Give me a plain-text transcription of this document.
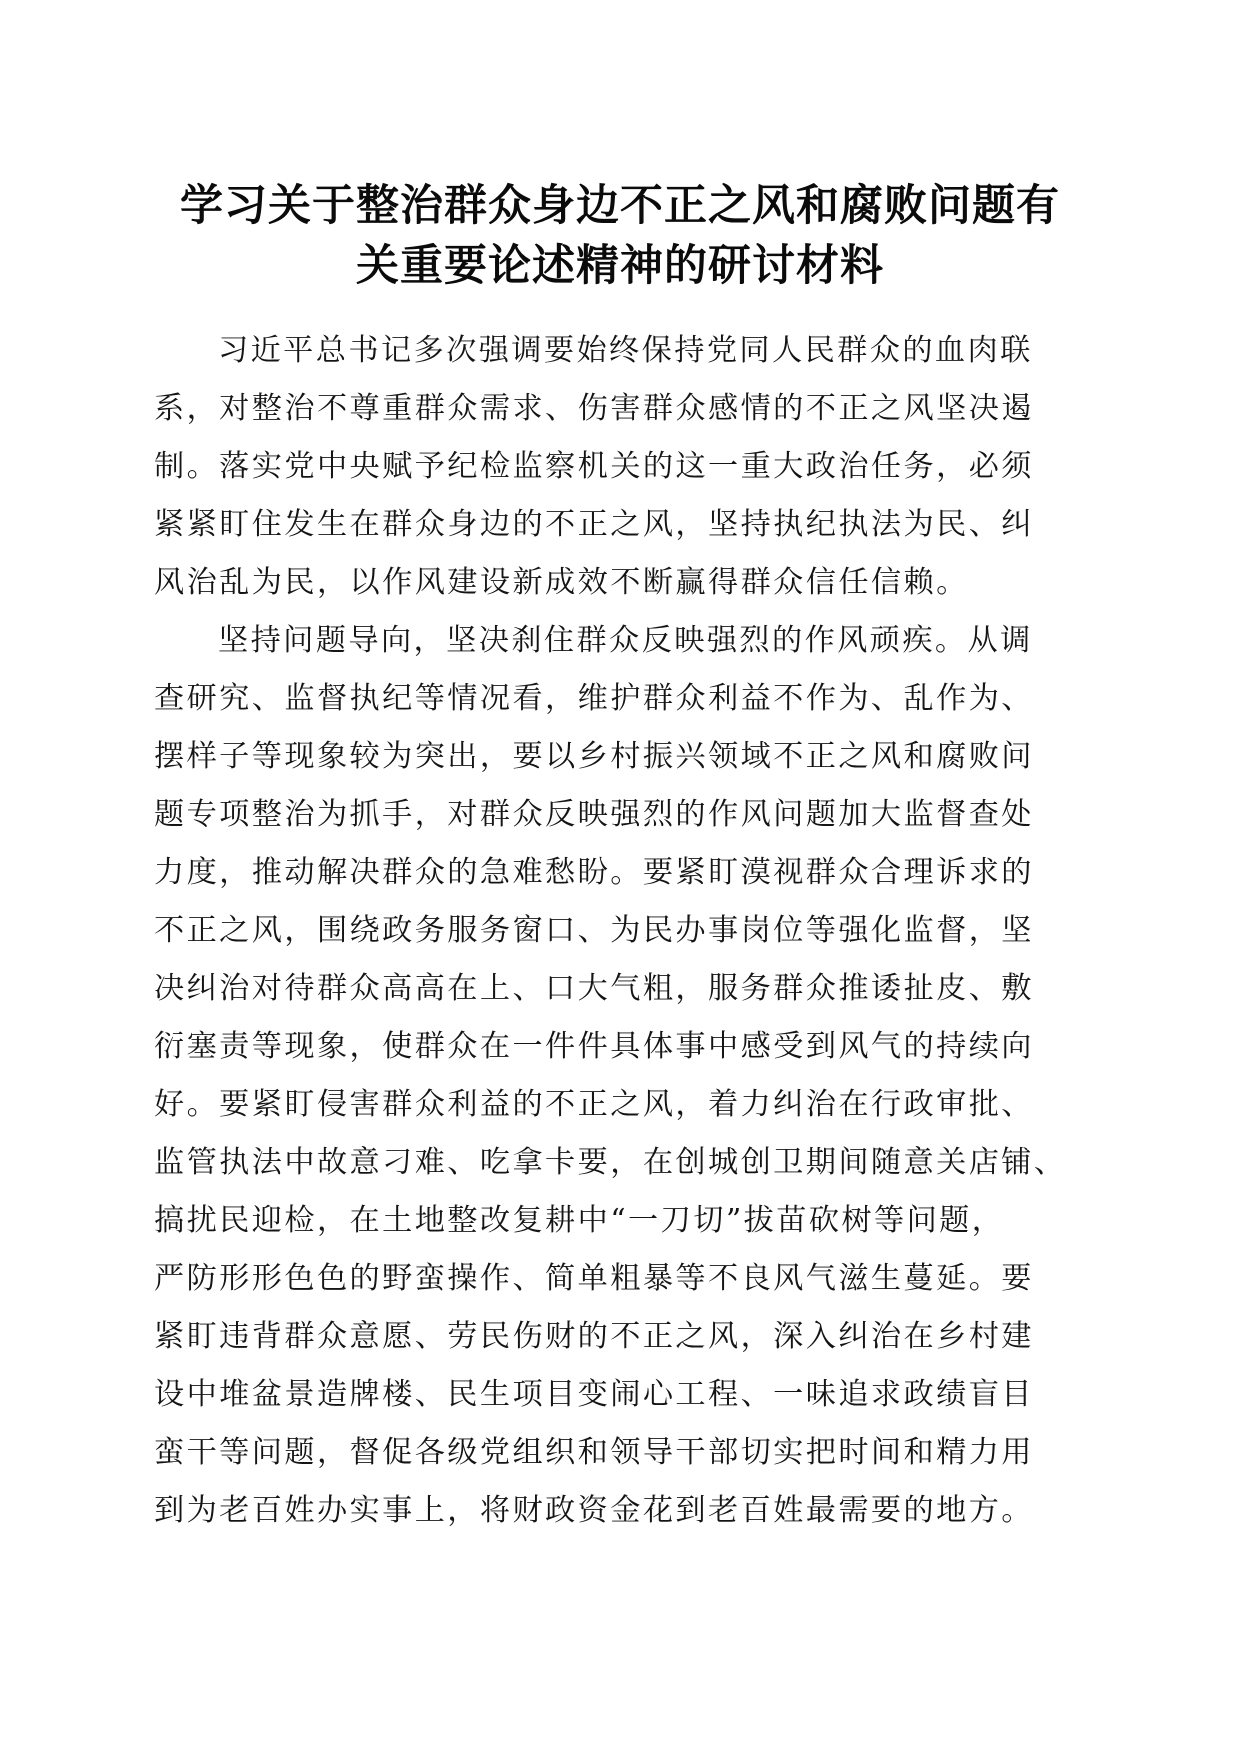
学习关于整治群众身边不正之风和腐败问题有
关重要论述精神的研讨材料
习近平总书记多次强调要始终保持党同人民群众的血肉联
系，对整治不尊重群众需求、伤害群众感情的不正之风坚决遏
制。落实党中央赋予纪检监察机关的这一重大政治任务，必须
紧紧盯住发生在群众身边的不正之风，坚持执纪执法为民、纠
风治乱为民，以作风建设新成效不断赢得群众信任信赖。
坚持问题导向，坚决刹住群众反映强烈的作风顽疾。从调
查研究、监督执纪等情况看，维护群众利益不作为、乱作为、
摆样子等现象较为突出，要以乡村振兴领域不正之风和腐败问
题专项整治为抓手，对群众反映强烈的作风问题加大监督查处
力度，推动解决群众的急难愁盼。要紧盯漠视群众合理诉求的
不正之风，围绕政务服务窗口、为民办事岗位等强化监督，坚
决纠治对待群众高高在上、口大气粗，服务群众推诿扯皮、敷
衍塞责等现象，使群众在一件件具体事中感受到风气的持续向
好。要紧盯侵害群众利益的不正之风，着力纠治在行政审批、
监管执法中故意刁难、吃拿卡要，在创城创卫期间随意关店铺、
搞扰民迎检，在土地整改复耕中“一刀切”拔苗砍树等问题，
严防形形色色的野蛮操作、简单粗暴等不良风气滋生蔓延。要
紧盯违背群众意愿、劳民伤财的不正之风，深入纠治在乡村建
设中堆盆景造牌楼、民生项目变闹心工程、一味追求政绩盲目
蛮干等问题，督促各级党组织和领导干部切实把时间和精力用
到为老百姓办实事上，将财政资金花到老百姓最需要的地方。
